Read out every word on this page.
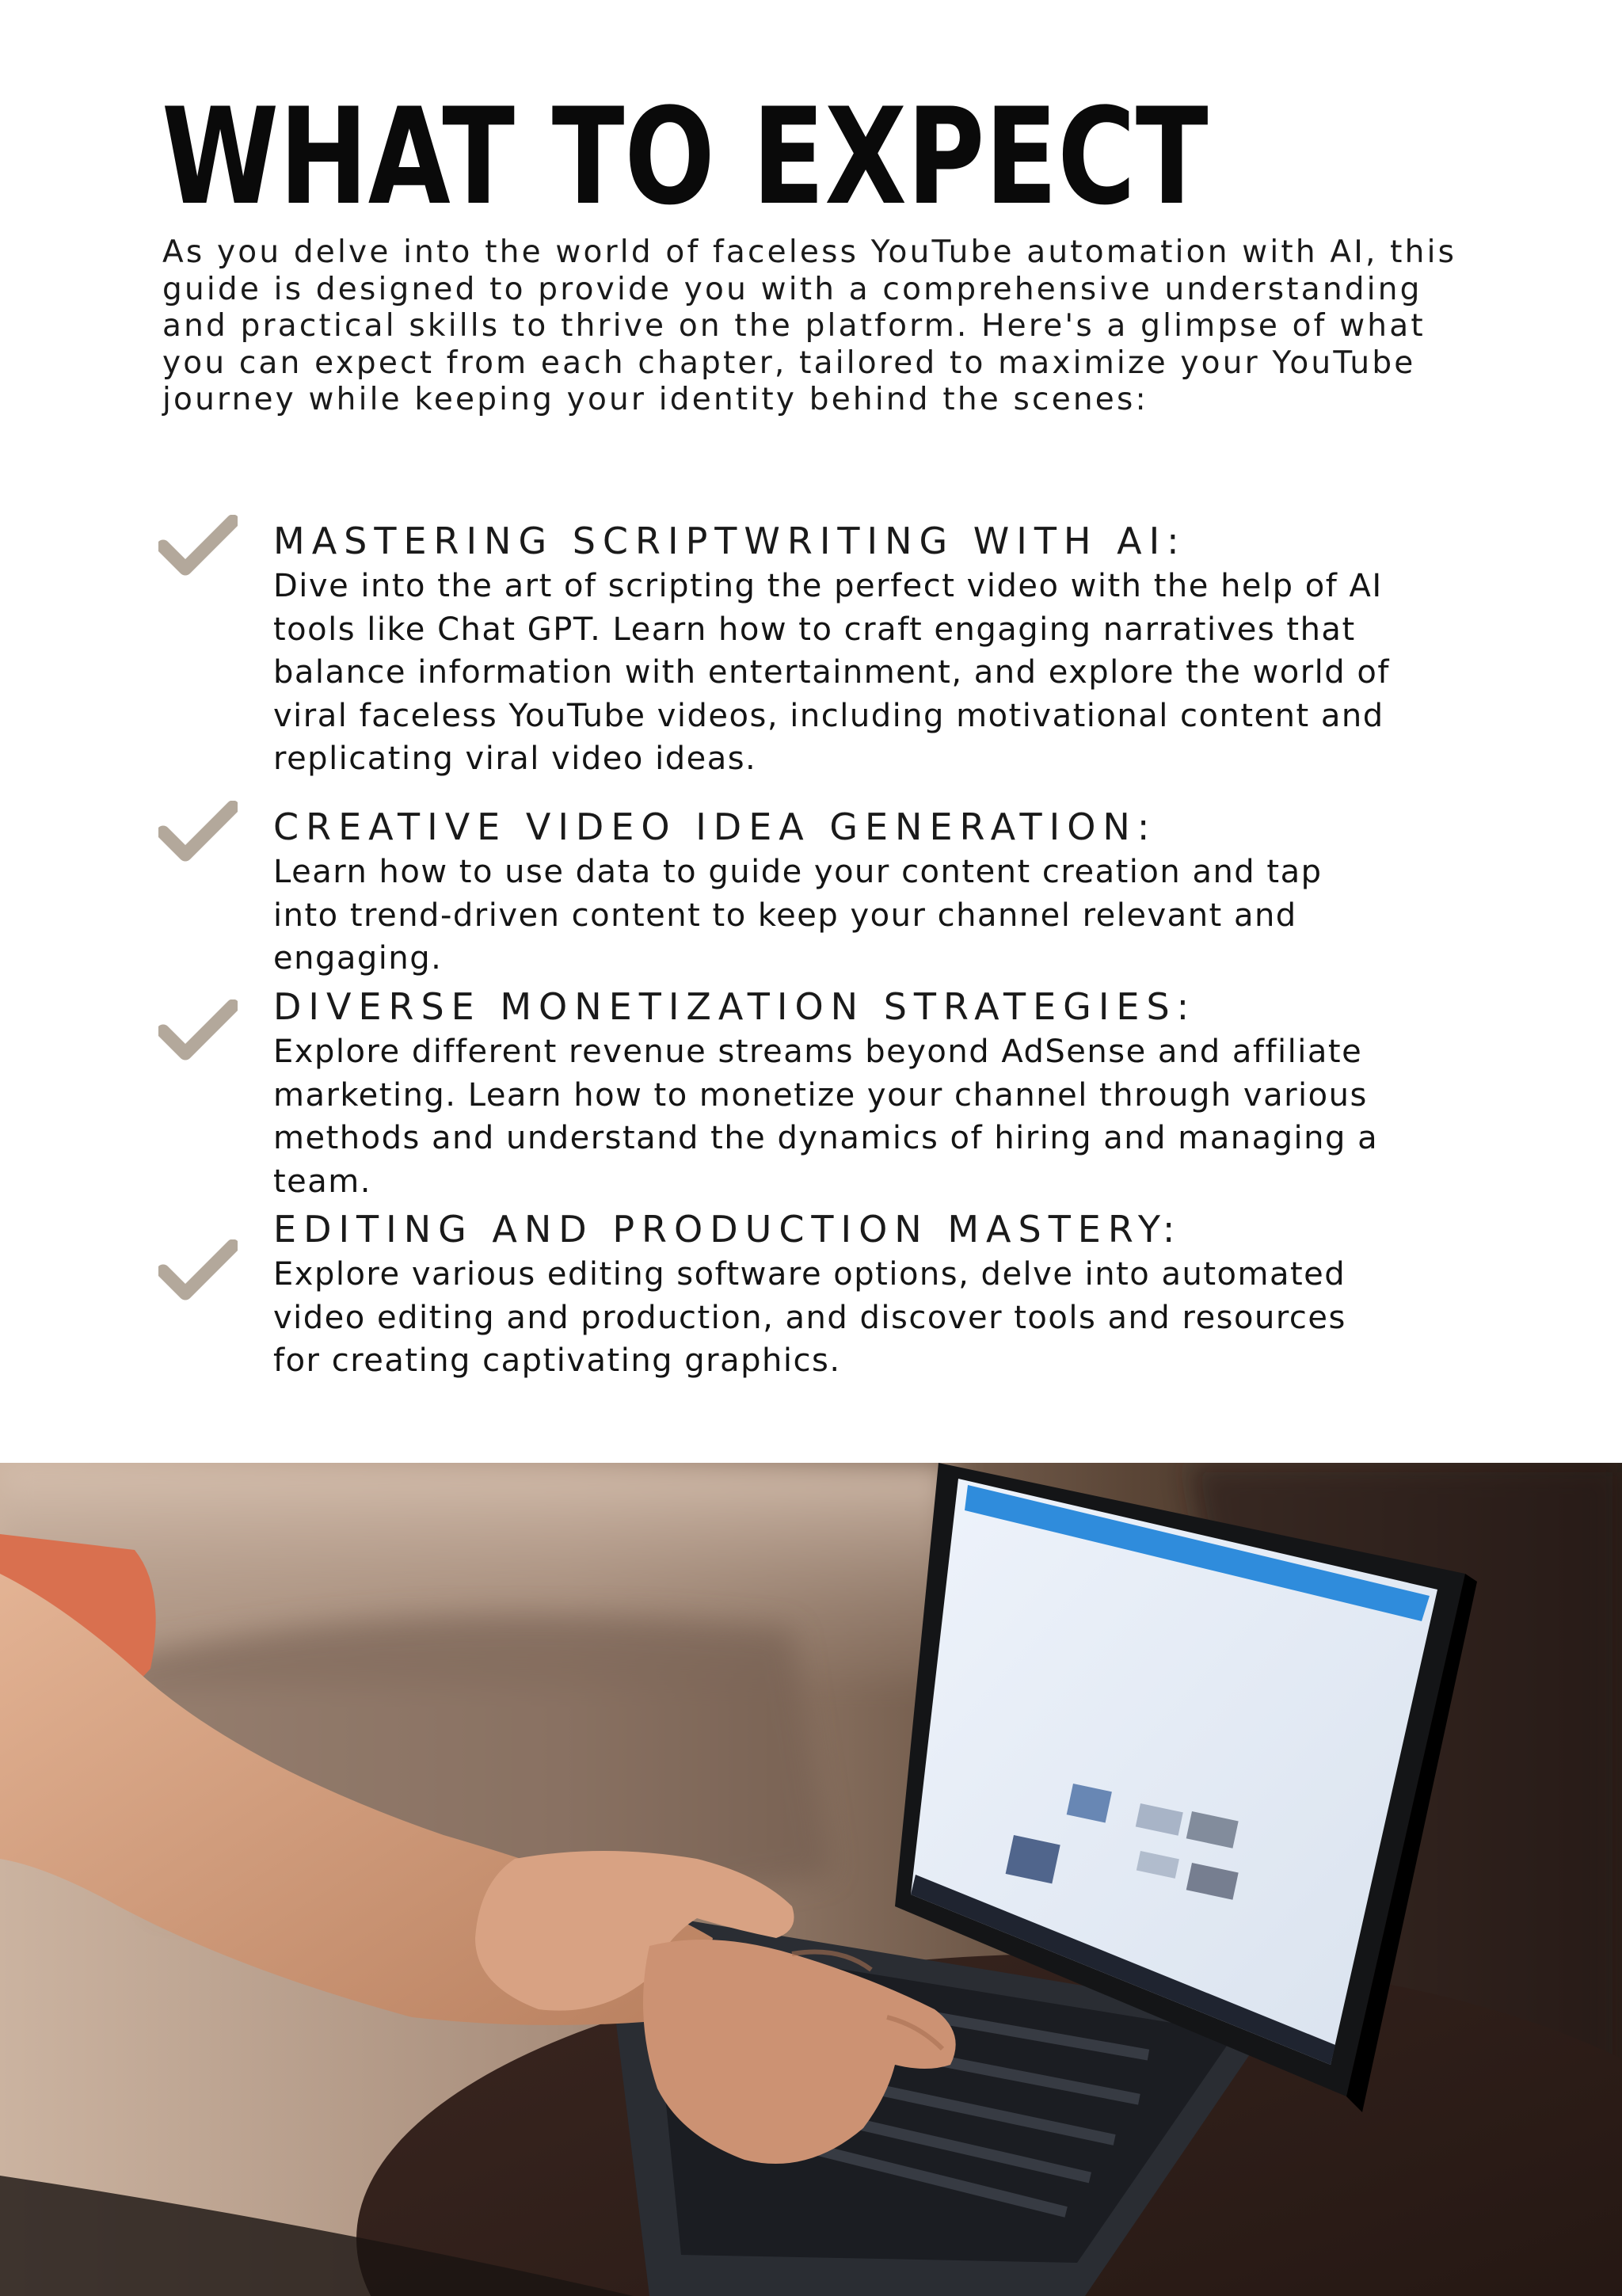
WHAT TO EXPECT

As you delve into the world of faceless YouTube automation with AI, this guide is designed to provide you with a comprehensive understanding and practical skills to thrive on the platform. Here's a glimpse of what you can expect from each chapter, tailored to maximize your YouTube journey while keeping your identity behind the scenes:

MASTERING SCRIPTWRITING WITH AI:

Dive into the art of scripting the perfect video with the help of AI tools like Chat GPT. Learn how to craft engaging narratives that balance information with entertainment, and explore the world of viral faceless YouTube videos, including motivational content and replicating viral video ideas.

CREATIVE VIDEO IDEA GENERATION:

Learn how to use data to guide your content creation and tap into trend-driven content to keep your channel relevant and engaging.

DIVERSE MONETIZATION STRATEGIES:

Explore different revenue streams beyond AdSense and affiliate marketing. Learn how to monetize your channel through various methods and understand the dynamics of hiring and managing a team.

EDITING AND PRODUCTION MASTERY:

Explore various editing software options, delve into automated video editing and production, and discover tools and resources for creating captivating graphics.
